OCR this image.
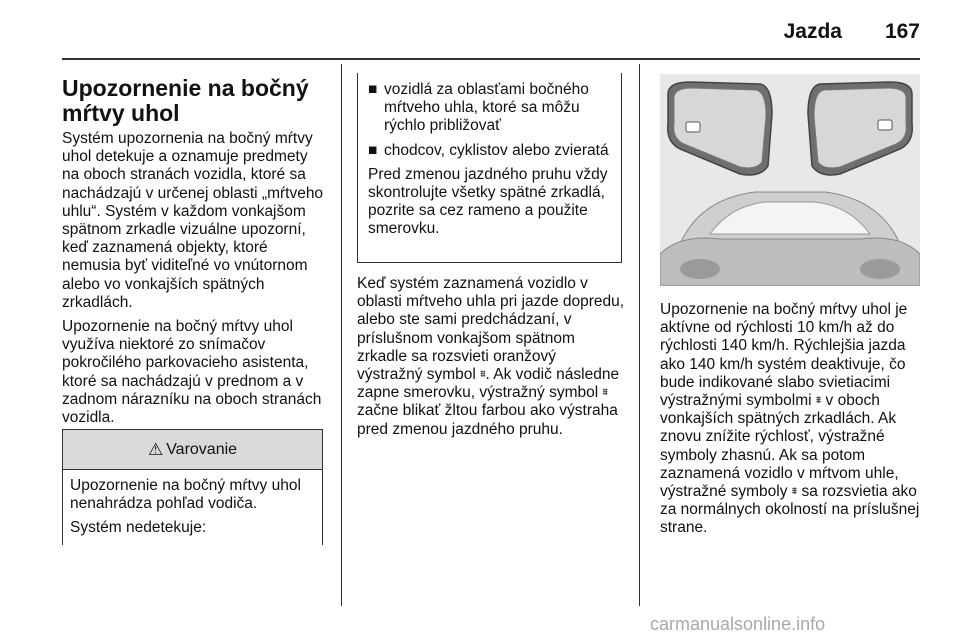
Jazda 167
Upozornenie na bočný
mŕtvy uhol

Systém upozornenia na bočný mŕtvy uhol detekuje a oznamuje predmety na oboch stranách vozidla, ktoré sa nachádzajú v určenej oblasti „mŕtveho uhlu“. Systém v každom vonkajšom spätnom zrkadle vizuálne upozorní, keď zaznamená objekty, ktoré nemusia byť viditeľné vo vnútornom alebo vo vonkajších spätných zrkadlách.

Upozornenie na bočný mŕtvy uhol využíva niektoré zo snímačov pokročilého parkovacieho asistenta, ktoré sa nachádzajú v prednom a v zadnom nárazníku na oboch stranách vozidla.

⚠ Varovanie

Upozornenie na bočný mŕtvy uhol nenahrádza pohľad vodiča.

Systém nedetekuje:

■ vozidlá za oblasťami bočného mŕtveho uhla, ktoré sa môžu rýchlo približovať
■ chodcov, cyklistov alebo zvieratá

Pred zmenou jazdného pruhu vždy skontrolujte všetky spätné zrkadlá, pozrite sa cez rameno a použite smerovku.

Keď systém zaznamená vozidlo v oblasti mŕtveho uhla pri jazde dopredu, alebo ste sami predchádzaní, v príslušnom vonkajšom spätnom zrkadle sa rozsvieti oranžový výstražný symbol ⩩. Ak vodič následne zapne smerovku, výstražný symbol ⩩ začne blikať žltou farbou ako výstraha pred zmenou jazdného pruhu.

Upozornenie na bočný mŕtvy uhol je aktívne od rýchlosti 10 km/h až do rýchlosti 140 km/h. Rýchlejšia jazda ako 140 km/h systém deaktivuje, čo bude indikované slabo svietiacimi výstražnými symbolmi ⩩ v oboch vonkajších spätných zrkadlách. Ak znovu znížite rýchlosť, výstražné symboly zhasnú. Ak sa potom zaznamená vozidlo v mŕtvom uhle, výstražné symboly ⩩ sa rozsvietia ako za normálnych okolností na príslušnej strane.

carmanualsonline.info
